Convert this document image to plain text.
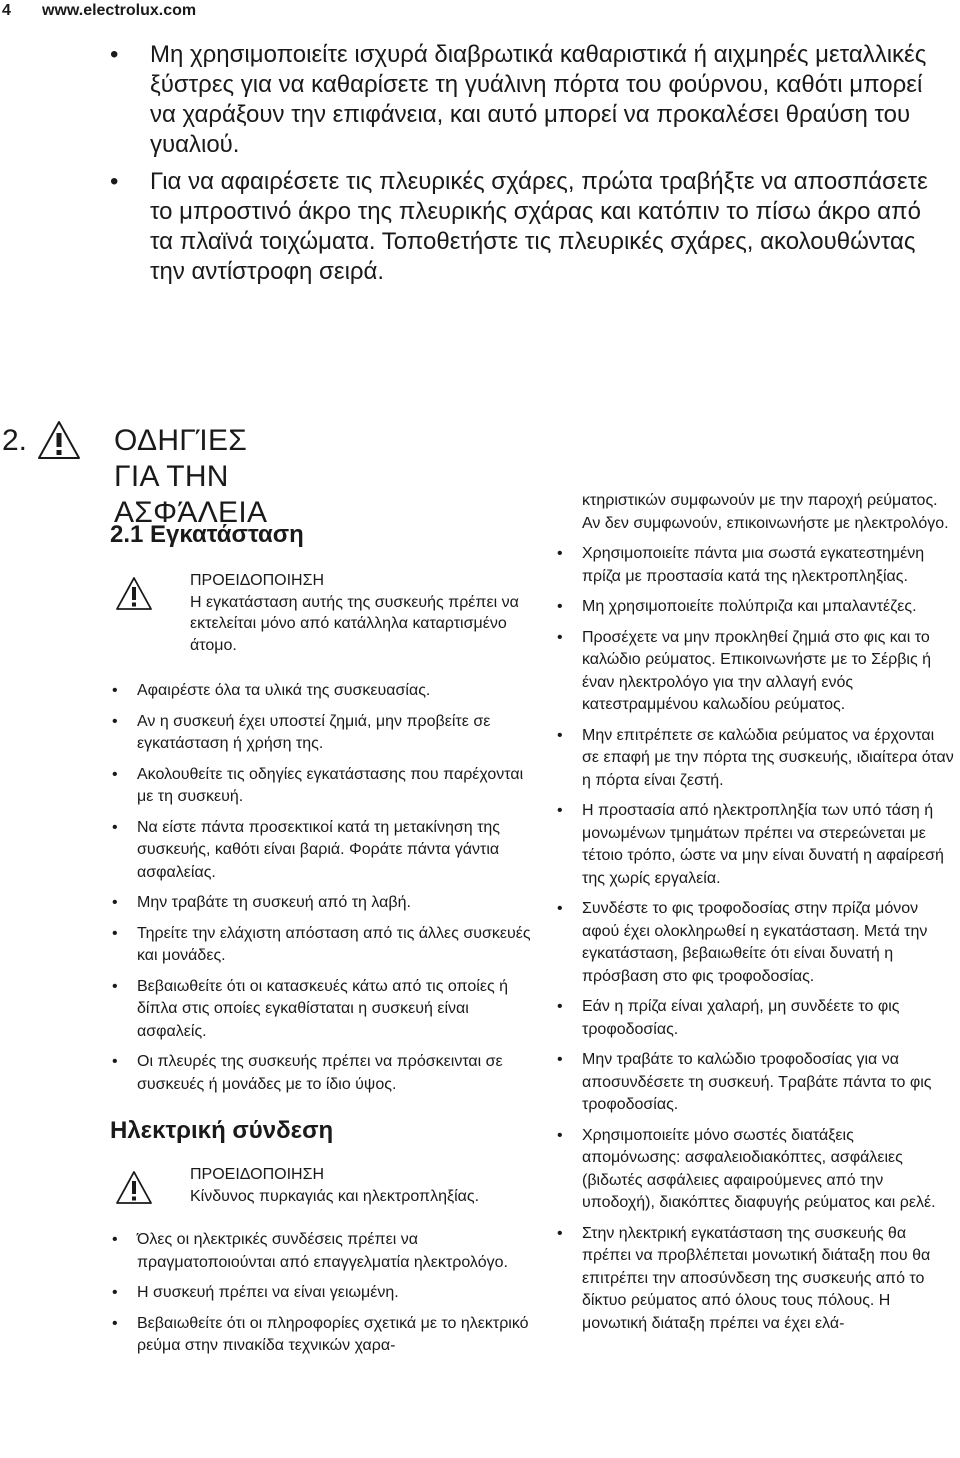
4 www.electrolux.com
• Μη χρησιμοποιείτε ισχυρά διαβρωτικά καθαριστικά ή αιχμηρές μεταλλικές ξύστρες για να καθαρίσετε τη γυάλινη πόρτα του φούρνου, καθότι μπορεί να χαράξουν την επιφάνεια, και αυτό μπορεί να προκαλέσει θραύση του γυαλιού.
• Για να αφαιρέσετε τις πλευρικές σχάρες, πρώτα τραβήξτε να αποσπάσετε το μπροστινό άκρο της πλευρικής σχάρας και κατόπιν το πίσω άκρο από τα πλαϊνά τοιχώματα. Τοποθετήστε τις πλευρικές σχάρες, ακολουθώντας την αντίστροφη σειρά.
2.	ΟΔΗΓΊΕΣ ΓΙΑ ΤΗΝ ΑΣΦΆΛΕΙΑ
2.1 Εγκατάσταση
ΠΡΟΕΙΔΟΠΟΙΗΣΗ
Η εγκατάσταση αυτής της συσκευής πρέπει να εκτελείται μόνο από κατάλληλα καταρτισμένο άτομο.
• Αφαιρέστε όλα τα υλικά της συσκευασίας.
• Αν η συσκευή έχει υποστεί ζημιά, μην προβείτε σε εγκατάσταση ή χρήση της.
• Ακολουθείτε τις οδηγίες εγκατάστασης που παρέχονται με τη συσκευή.
• Να είστε πάντα προσεκτικοί κατά τη μετακίνηση της συσκευής, καθότι είναι βαριά. Φοράτε πάντα γάντια ασφαλείας.
• Μην τραβάτε τη συσκευή από τη λαβή.
• Τηρείτε την ελάχιστη απόσταση από τις άλλες συσκευές και μονάδες.
• Βεβαιωθείτε ότι οι κατασκευές κάτω από τις οποίες ή δίπλα στις οποίες εγκαθίσταται η συσκευή είναι ασφαλείς.
• Οι πλευρές της συσκευής πρέπει να πρόσκεινται σε συσκευές ή μονάδες με το ίδιο ύψος.
Ηλεκτρική σύνδεση
ΠΡΟΕΙΔΟΠΟΙΗΣΗ
Κίνδυνος πυρκαγιάς και ηλεκτροπληξίας.
• Όλες οι ηλεκτρικές συνδέσεις πρέπει να πραγματοποιούνται από επαγγελματία ηλεκτρολόγο.
• Η συσκευή πρέπει να είναι γειωμένη.
• Βεβαιωθείτε ότι οι πληροφορίες σχετικά με το ηλεκτρικό ρεύμα στην πινακίδα τεχνικών χαρα-
κτηριστικών συμφωνούν με την παροχή ρεύματος. Αν δεν συμφωνούν, επικοινωνήστε με ηλεκτρολόγο.
• Χρησιμοποιείτε πάντα μια σωστά εγκατεστημένη πρίζα με προστασία κατά της ηλεκτροπληξίας.
• Μη χρησιμοποιείτε πολύπριζα και μπαλαντέζες.
• Προσέχετε να μην προκληθεί ζημιά στο φις και το καλώδιο ρεύματος. Επικοινωνήστε με το Σέρβις ή έναν ηλεκτρολόγο για την αλλαγή ενός κατεστραμμένου καλωδίου ρεύματος.
• Μην επιτρέπετε σε καλώδια ρεύματος να έρχονται σε επαφή με την πόρτα της συσκευής, ιδιαίτερα όταν η πόρτα είναι ζεστή.
• Η προστασία από ηλεκτροπληξία των υπό τάση ή μονωμένων τμημάτων πρέπει να στερεώνεται με τέτοιο τρόπο, ώστε να μην είναι δυνατή η αφαίρεσή της χωρίς εργαλεία.
• Συνδέστε το φις τροφοδοσίας στην πρίζα μόνον αφού έχει ολοκληρωθεί η εγκατάσταση. Μετά την εγκατάσταση, βεβαιωθείτε ότι είναι δυνατή η πρόσβαση στο φις τροφοδοσίας.
• Εάν η πρίζα είναι χαλαρή, μη συνδέετε το φις τροφοδοσίας.
• Μην τραβάτε το καλώδιο τροφοδοσίας για να αποσυνδέσετε τη συσκευή. Τραβάτε πάντα το φις τροφοδοσίας.
• Χρησιμοποιείτε μόνο σωστές διατάξεις απομόνωσης: ασφαλειοδιακόπτες, ασφάλειες (βιδωτές ασφάλειες αφαιρούμενες από την υποδοχή), διακόπτες διαφυγής ρεύματος και ρελέ.
• Στην ηλεκτρική εγκατάσταση της συσκευής θα πρέπει να προβλέπεται μονωτική διάταξη που θα επιτρέπει την αποσύνδεση της συσκευής από το δίκτυο ρεύματος από όλους τους πόλους. Η μονωτική διάταξη πρέπει να έχει ελά-
